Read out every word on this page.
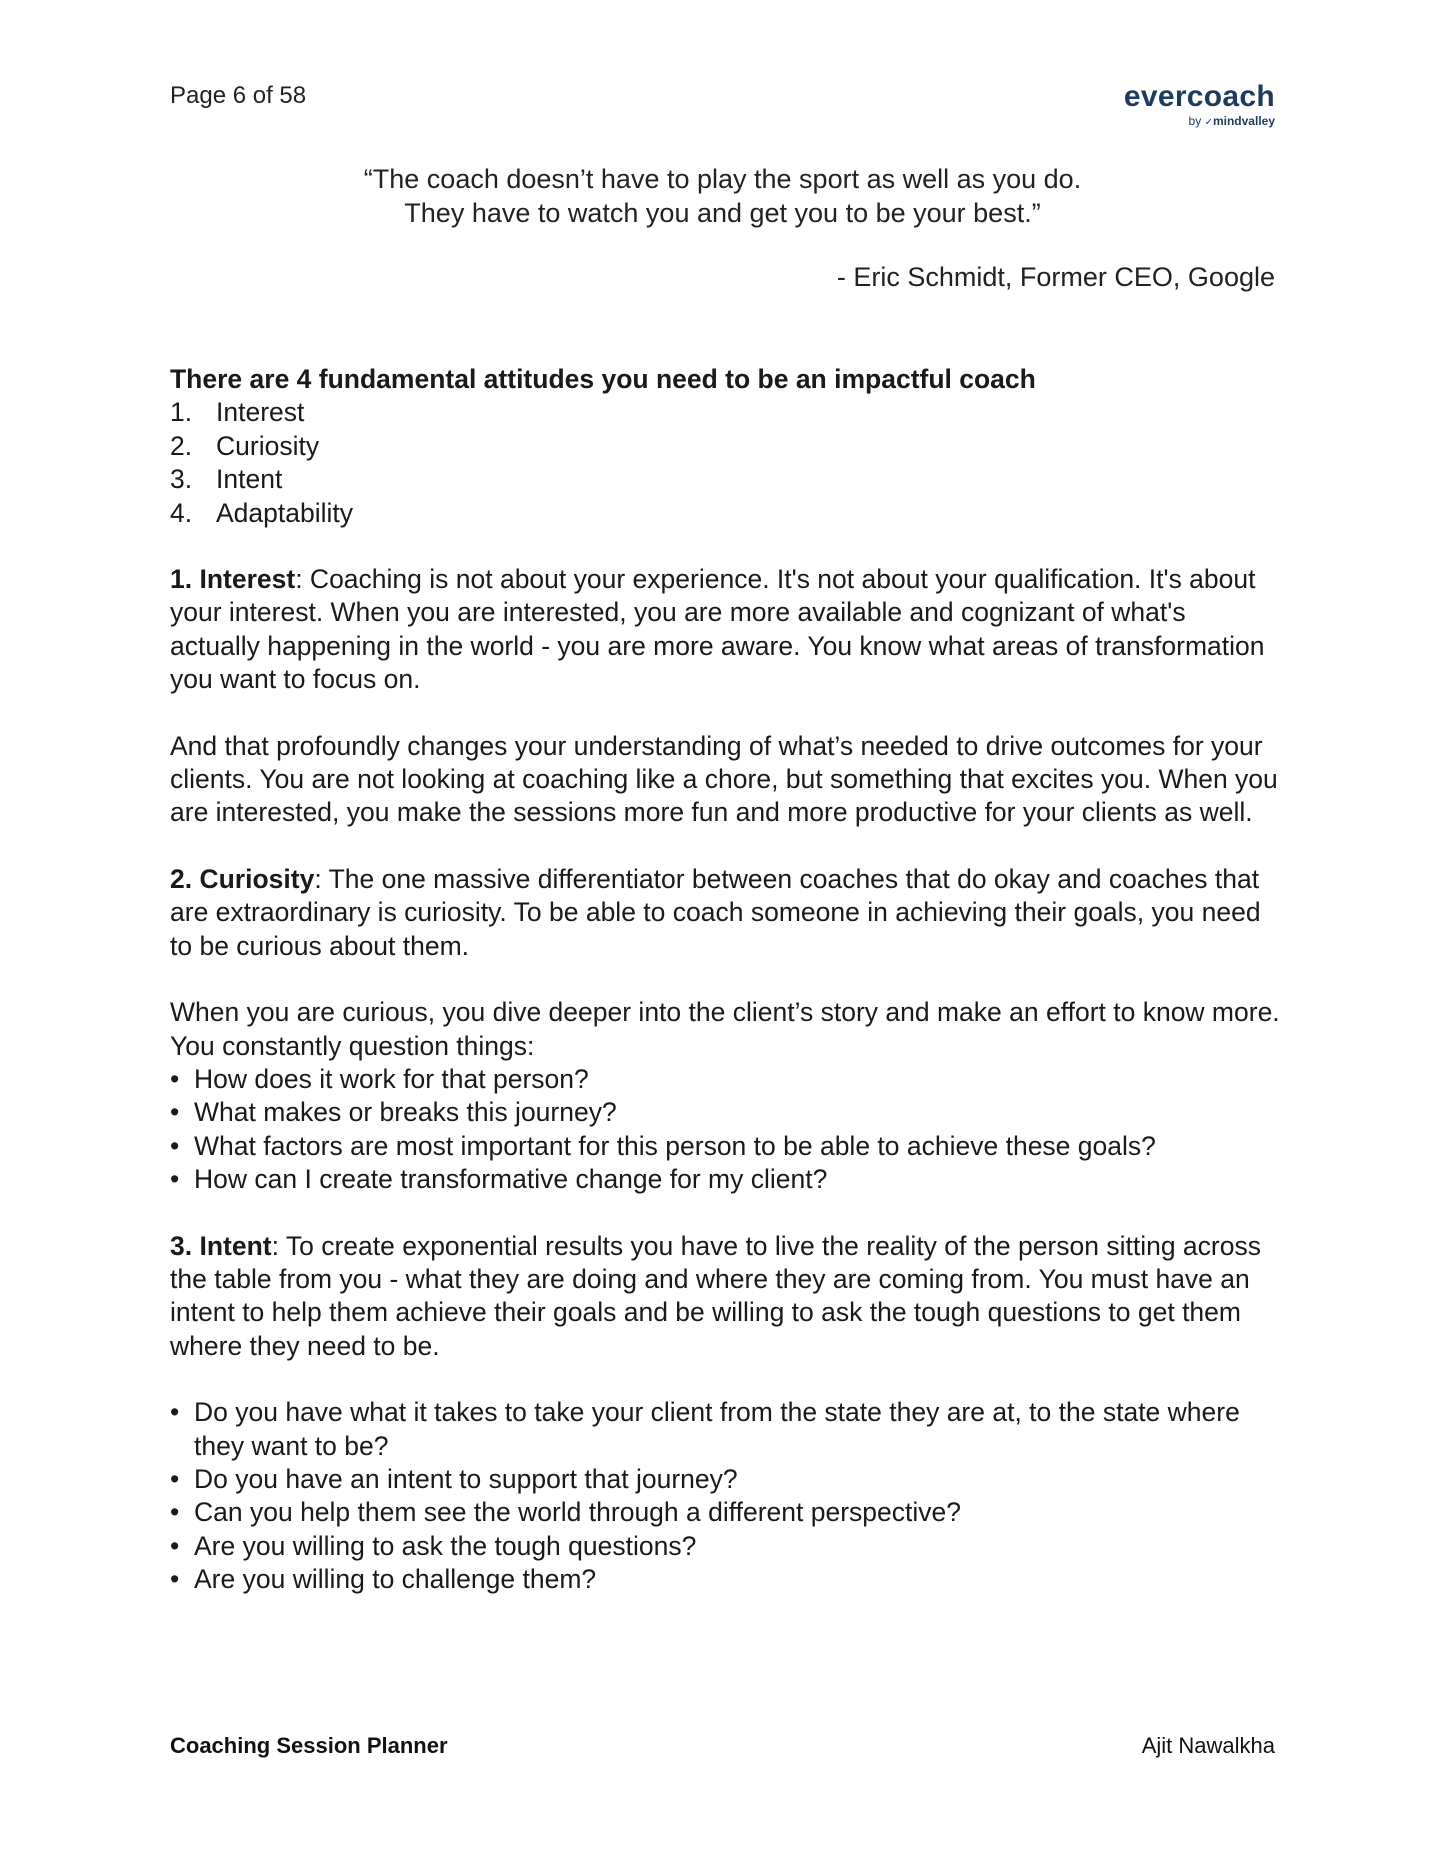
Page 6 of 58	evercoach
by ✓mindvalley
“The coach doesn’t have to play the sport as well as you do.
They have to watch you and get you to be your best.”
- Eric Schmidt, Former CEO, Google

There are 4 fundamental attitudes you need to be an impactful coach

1. Interest
2. Curiosity
3. Intent
4. Adaptability

1. Interest: Coaching is not about your experience. It's not about your qualification. It's about your interest. When you are interested, you are more available and cognizant of what's actually happening in the world - you are more aware. You know what areas of transformation you want to focus on.

And that profoundly changes your understanding of what’s needed to drive outcomes for your clients. You are not looking at coaching like a chore, but something that excites you. When you are interested, you make the sessions more fun and more productive for your clients as well.

2. Curiosity: The one massive differentiator between coaches that do okay and coaches that are extraordinary is curiosity. To be able to coach someone in achieving their goals, you need to be curious about them.

When you are curious, you dive deeper into the client’s story and make an effort to know more. You constantly question things:

• How does it work for that person?
• What makes or breaks this journey?
• What factors are most important for this person to be able to achieve these goals?
• How can I create transformative change for my client?

3. Intent: To create exponential results you have to live the reality of the person sitting across the table from you - what they are doing and where they are coming from. You must have an intent to help them achieve their goals and be willing to ask the tough questions to get them where they need to be.

• Do you have what it takes to take your client from the state they are at, to the state where they want to be?
• Do you have an intent to support that journey?
• Can you help them see the world through a different perspective?
• Are you willing to ask the tough questions?
• Are you willing to challenge them?
Coaching Session Planner	Ajit Nawalkha
